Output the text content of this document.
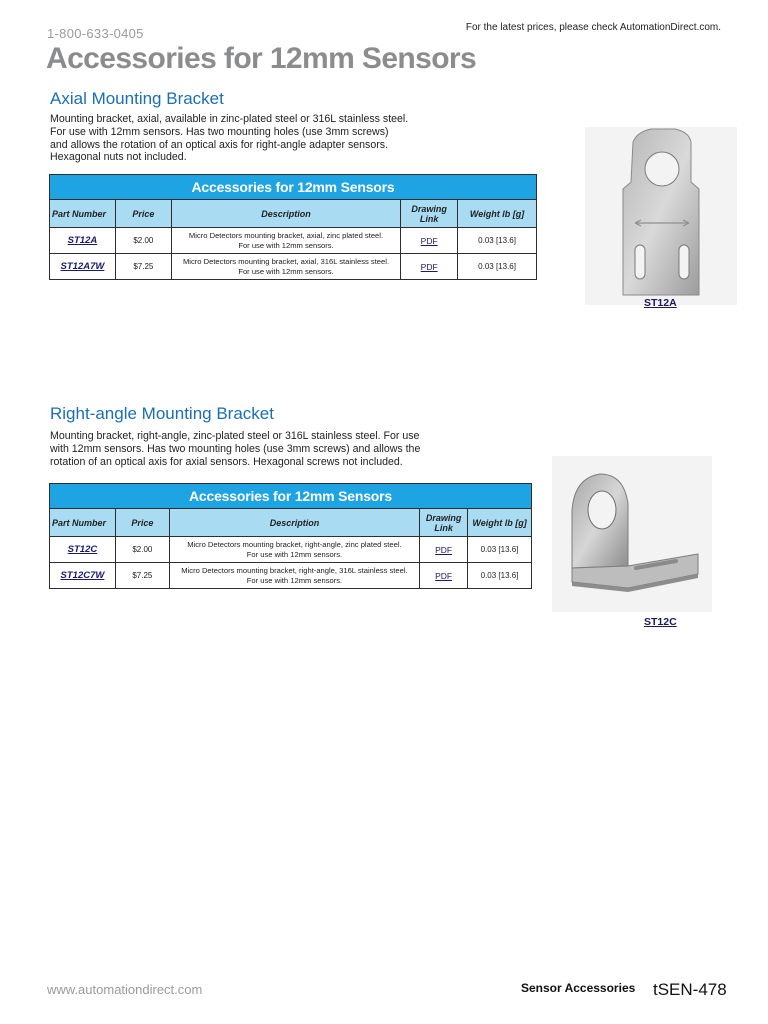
1-800-633-0405	For the latest prices, please check AutomationDirect.com.
Accessories for 12mm Sensors
Axial Mounting Bracket
Mounting bracket, axial, available in zinc-plated steel or 316L stainless steel.
For use with 12mm sensors. Has two mounting holes (use 3mm screws)
and allows the rotation of an optical axis for right-angle adapter sensors.
Hexagonal nuts not included.
Accessories for 12mm Sensors				
Part Number	Price	Description	Drawing Link	Weight lb [g]
ST12A	$2.00	Micro Detectors mounting bracket, axial, zinc plated steel.
For use with 12mm sensors.	PDF	0.03 [13.6]
ST12A7W	$7.25	Micro Detectors mounting bracket, axial, 316L stainless steel.
For use with 12mm sensors.	PDF	0.03 [13.6]
ST12A
Right-angle Mounting Bracket
Mounting bracket, right-angle, zinc-plated steel or 316L stainless steel. For use
with 12mm sensors. Has two mounting holes (use 3mm screws) and allows the
rotation of an optical axis for axial sensors. Hexagonal screws not included.
Accessories for 12mm Sensors				
Part Number	Price	Description	Drawing Link	Weight lb [g]
ST12C	$2.00	Micro Detectors mounting bracket, right-angle, zinc plated steel.
For use with 12mm sensors.	PDF	0.03 [13.6]
ST12C7W	$7.25	Micro Detectors mounting bracket, right-angle, 316L stainless steel.
For use with 12mm sensors.	PDF	0.03 [13.6]
ST12C
www.automationdirect.com	Sensor Accessories tSEN-478
